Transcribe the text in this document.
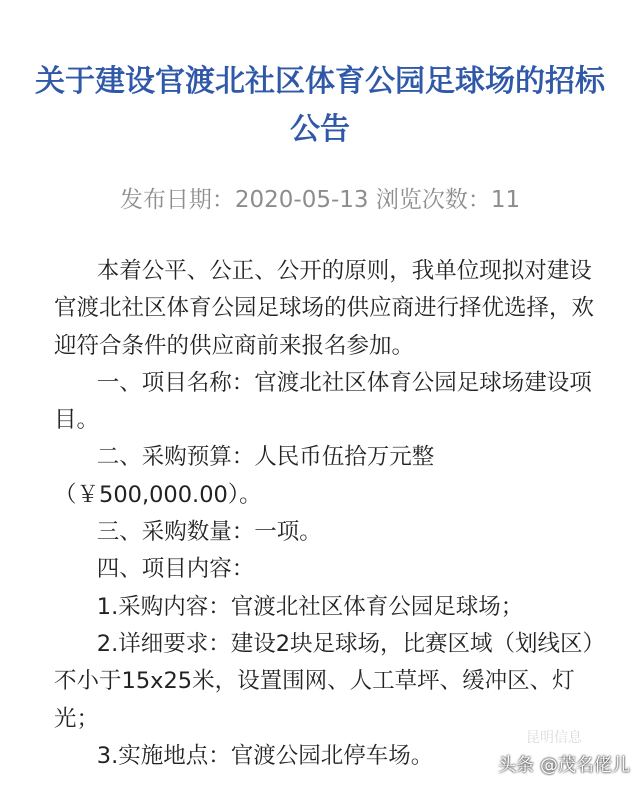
关于建设官渡北社区体育公园足球场的招标公告
发布日期：2020-05-13 浏览次数：11

本着公平、公正、公开的原则，我单位现拟对建设官渡北社区体育公园足球场的供应商进行择优选择，欢迎符合条件的供应商前来报名参加。

一、项目名称：官渡北社区体育公园足球场建设项目。

二、采购预算：人民币伍拾万元整（￥500,000.00）。

三、采购数量：一项。

四、项目内容：

1.采购内容：官渡北社区体育公园足球场；

2.详细要求：建设2块足球场，比赛区域（划线区）不小于15x25米，设置围网、人工草坪、缓冲区、灯光；

3.实施地点：官渡公园北停车场。

昆明信息
头条 @茂名佬儿
